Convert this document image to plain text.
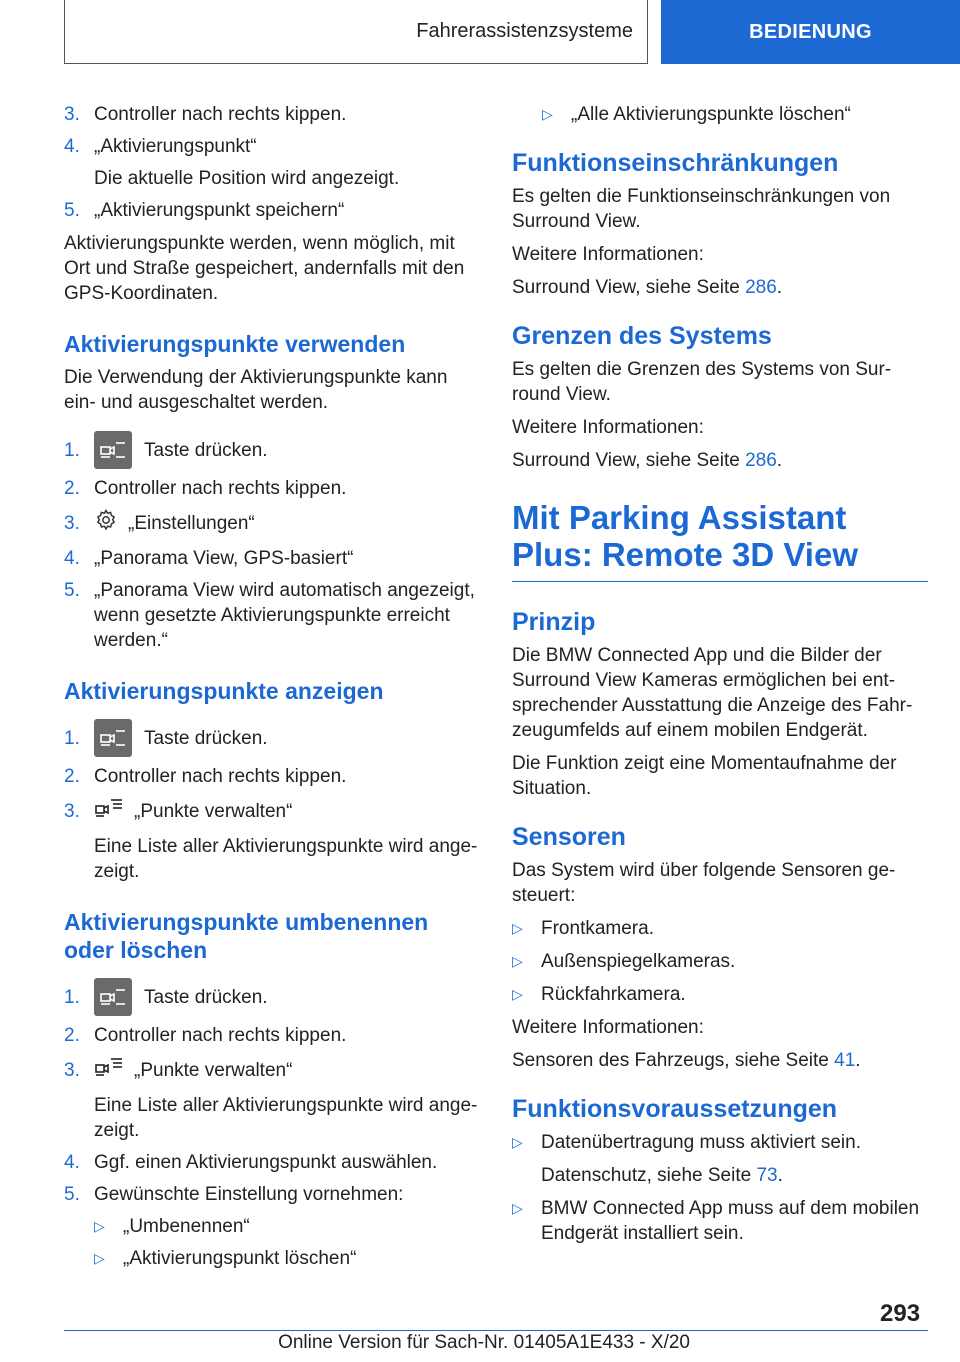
Fahrerassistenzsysteme	BEDIENUNG
3. Controller nach rechts kippen.
4. „Aktivierungspunkt“

Die aktuelle Position wird angezeigt.

5. „Aktivierungspunkt speichern“

Aktivierungspunkte werden, wenn möglich, mit Ort und Straße gespeichert, andernfalls mit den GPS-Koordinaten.

Aktivierungspunkte verwenden

Die Verwendung der Aktivierungspunkte kann ein- und ausgeschaltet werden.

1.	Taste drücken.
2. Controller nach rechts kippen.
3.	„Einstellungen“
4. „Panorama View, GPS-basiert“
5. „Panorama View wird automatisch angezeigt, wenn gesetzte Aktivierungspunkte erreicht werden.“
Aktivierungspunkte anzeigen
1.	Taste drücken.
2. Controller nach rechts kippen.
3.	„Punkte verwalten“

Eine Liste aller Aktivierungspunkte wird ange-zeigt.

Aktivierungspunkte umbenennen oder löschen
1.	Taste drücken.
2. Controller nach rechts kippen.
3.	„Punkte verwalten“

Eine Liste aller Aktivierungspunkte wird ange-zeigt.

4. Ggf. einen Aktivierungspunkt auswählen.
5. Gewünschte Einstellung vornehmen:
▷ „Umbenennen“
▷ „Aktivierungspunkt löschen“
▷ „Alle Aktivierungspunkte löschen“
Funktionseinschränkungen

Es gelten die Funktionseinschränkungen von Surround View.

Weitere Informationen:

Surround View, siehe Seite 286.

Grenzen des Systems

Es gelten die Grenzen des Systems von Sur-round View.

Weitere Informationen:

Surround View, siehe Seite 286.

Mit Parking Assistant Plus: Remote 3D View
Prinzip

Die BMW Connected App und die Bilder der Surround View Kameras ermöglichen bei ent-sprechender Ausstattung die Anzeige des Fahr-zeugumfelds auf einem mobilen Endgerät.

Die Funktion zeigt eine Momentaufnahme der Situation.

Sensoren

Das System wird über folgende Sensoren ge-steuert:

▷ Frontkamera.
▷ Außenspiegelkameras.
▷ Rückfahrkamera.

Weitere Informationen:

Sensoren des Fahrzeugs, siehe Seite 41.

Funktionsvoraussetzungen
▷ Datenübertragung muss aktiviert sein.

Datenschutz, siehe Seite 73.

▷ BMW Connected App muss auf dem mobilen Endgerät installiert sein.
293
Online Version für Sach-Nr. 01405A1E433 - X/20
